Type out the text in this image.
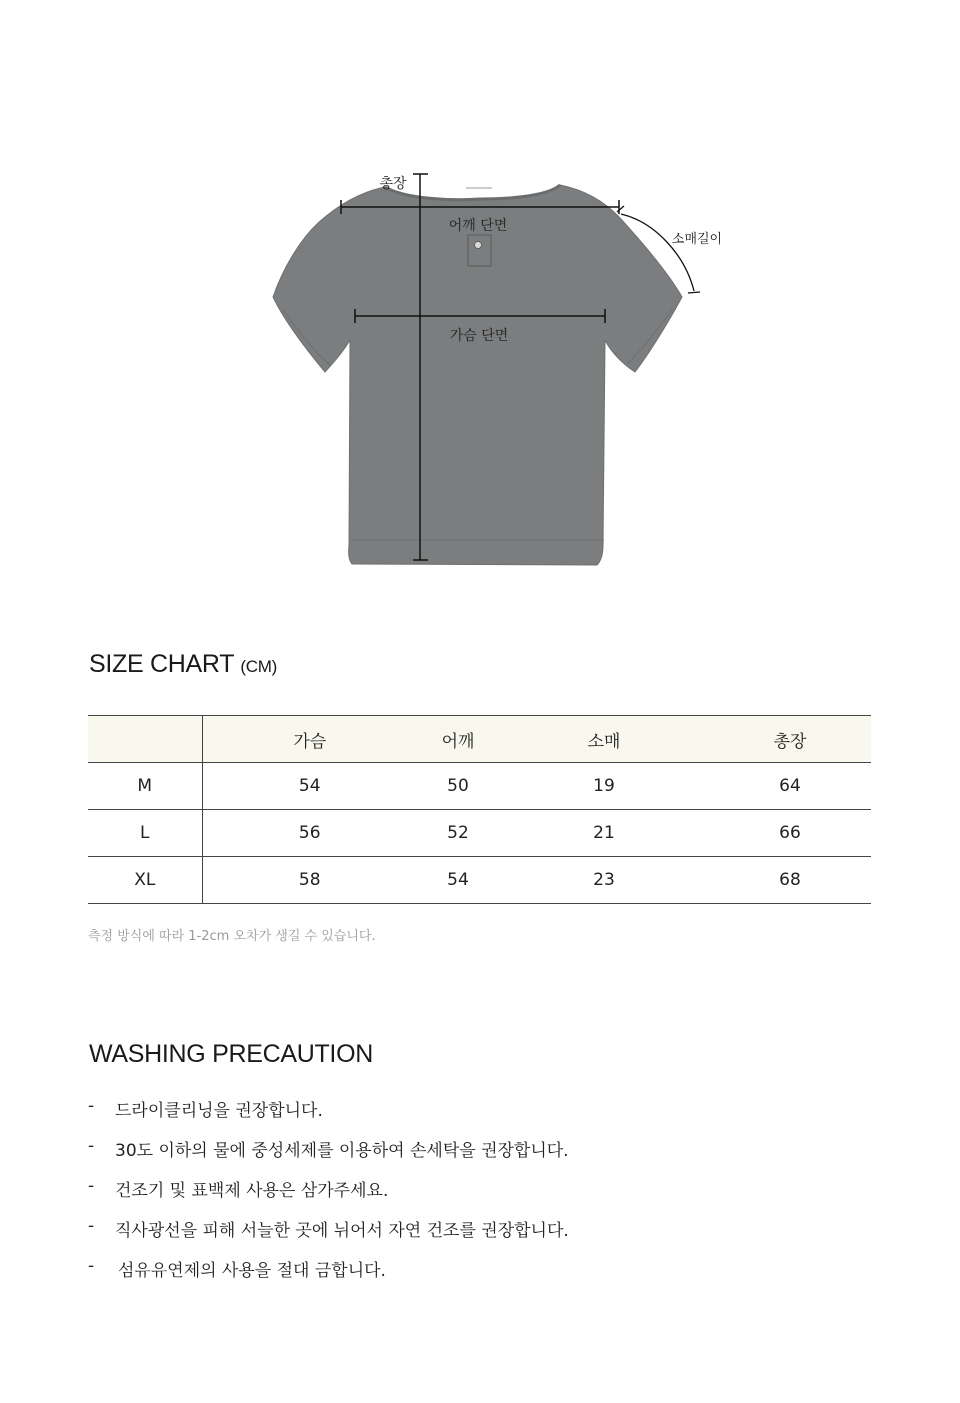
총장
어깨 단면
소매길이
가슴 단면
SIZE CHART (CM)
	가슴	어깨	소매	총장
M	54	50	19	64
L	56	52	21	66
XL	58	54	23	68
측정 방식에 따라 1-2cm 오차가 생길 수 있습니다.
WASHING PRECAUTION
-	드라이클리닝을 권장합니다.
-	30도 이하의 물에 중성세제를 이용하여 손세탁을 권장합니다.
-	건조기 및 표백제 사용은 삼가주세요.
-	직사광선을 피해 서늘한 곳에 뉘어서 자연 건조를 권장합니다.
-	섬유유연제의 사용을 절대 금합니다.
